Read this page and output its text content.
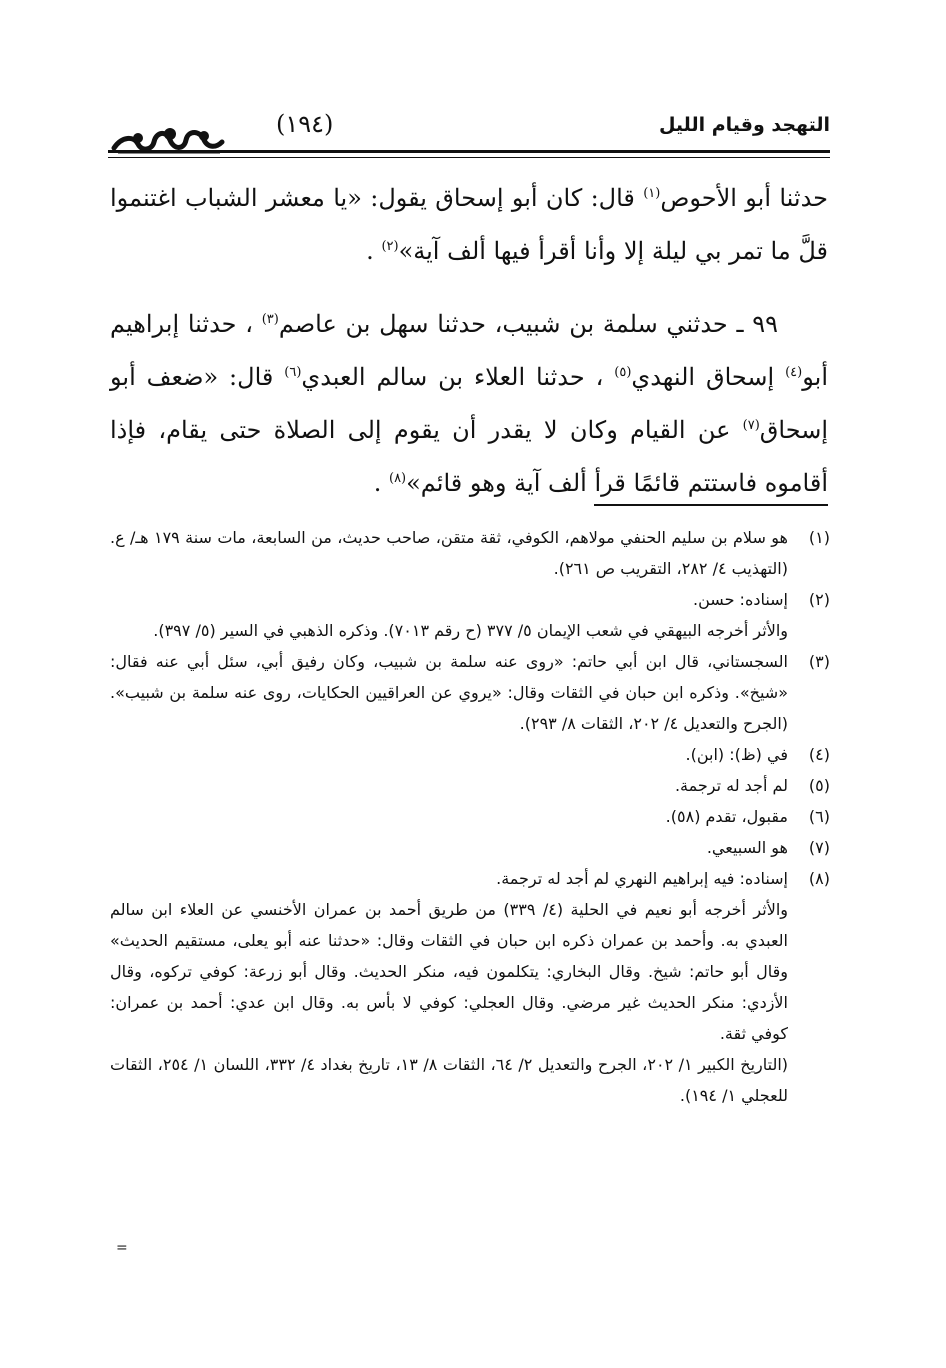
التهجد وقيام الليل
(١٩٤)

حدثنا أبو الأحوص$^{(١)}$ قال: كان أبو إسحاق يقول: «يا معشر الشباب اغتنموا قلَّ ما تمر بي ليلة إلا وأنا أقرأ فيها ألف آية»$^{(٢)}$ .

٩٩ ـ حدثني سلمة بن شبيب، حدثنا سهل بن عاصم$^{(٣)}$ ، حدثنا إبراهيم أبو$^{(٤)}$ إسحاق النهدي$^{(٥)}$ ، حدثنا العلاء بن سالم العبدي$^{(٦)}$ قال: «ضعف أبو إسحاق$^{(٧)}$ عن القيام وكان لا يقدر أن يقوم إلى الصلاة حتى يقام، فإذا أقاموه فاستتم قائمًا قرأ ألف آية وهو قائم»$^{(٨)}$ .

(١)

هو سلام بن سليم الحنفي مولاهم، الكوفي، ثقة متقن، صاحب حديث، من السابعة، مات سنة ١٧٩ هـ/ ع. (التهذيب ٤/ ٢٨٢، التقريب ص ٢٦١).

(٢)

إسناده: حسن.

والأثر أخرجه البيهقي في شعب الإيمان ٥/ ٣٧٧ (ح رقم ٧٠١٣). وذكره الذهبي في السير (٥/ ٣٩٧).

(٣)

السجستاني، قال ابن أبي حاتم: «روى عنه سلمة بن شبيب، وكان رفيق أبي، سئل أبي عنه فقال: «شيخ». وذكره ابن حبان في الثقات وقال: «يروي عن العراقيين الحكايات، روى عنه سلمة بن شبيب». (الجرح والتعديل ٤/ ٢٠٢، الثقات ٨/ ٢٩٣).

(٤)

في (ظ): (ابن).

(٥)

لم أجد له ترجمة.

(٦)

مقبول، تقدم (٥٨).

(٧)

هو السبيعي.

(٨)

إسناده: فيه إبراهيم النهري لم أجد له ترجمة.

والأثر أخرجه أبو نعيم في الحلية (٤/ ٣٣٩) من طريق أحمد بن عمران الأخنسي عن العلاء ابن سالم العبدي به. وأحمد بن عمران ذكره ابن حبان في الثقات وقال: «حدثنا عنه أبو يعلى، مستقيم الحديث» وقال أبو حاتم: شيخ. وقال البخاري: يتكلمون فيه، منكر الحديث. وقال أبو زرعة: كوفي تركوه، وقال الأزدي: منكر الحديث غير مرضي. وقال العجلي: كوفي لا بأس به. وقال ابن عدي: أحمد بن عمران: كوفي ثقة.

(التاريخ الكبير ١/ ٢٠٢، الجرح والتعديل ٢/ ٦٤، الثقات ٨/ ١٣، تاريخ بغداد ٤/ ٣٣٢، اللسان ١/ ٢٥٤، الثقات للعجلي ١/ ١٩٤).

=
